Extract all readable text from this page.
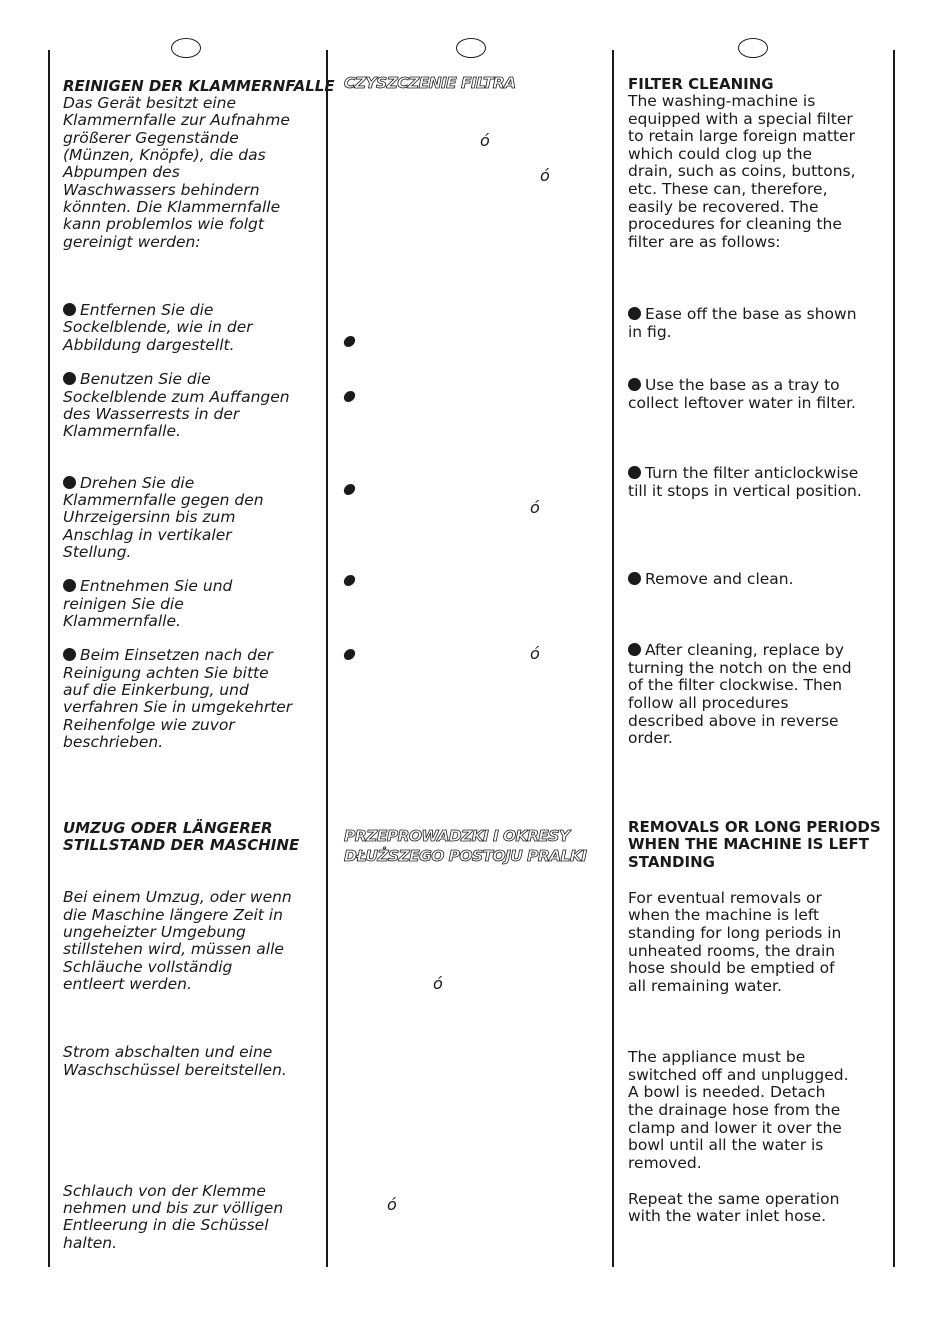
REINIGEN DER KLAMMERNFALLE
Das Gerät besitzt eine
Klammernfalle zur Aufnahme
größerer Gegenstände
(Münzen, Knöpfe), die das
Abpumpen des
Waschwassers behindern
könnten. Die Klammernfalle
kann problemlos wie folgt
gereinigt werden:
Entfernen Sie die
Sockelblende, wie in der
Abbildung dargestellt.
Benutzen Sie die
Sockelblende zum Auffangen
des Wasserrests in der
Klammernfalle.
Drehen Sie die
Klammernfalle gegen den
Uhrzeigersinn bis zum
Anschlag in vertikaler
Stellung.
Entnehmen Sie und
reinigen Sie die
Klammernfalle.
Beim Einsetzen nach der
Reinigung achten Sie bitte
auf die Einkerbung, und
verfahren Sie in umgekehrter
Reihenfolge wie zuvor
beschrieben.
UMZUG ODER LÄNGERER
STILLSTAND DER MASCHINE
Bei einem Umzug, oder wenn
die Maschine längere Zeit in
ungeheizter Umgebung
stillstehen wird, müssen alle
Schläuche vollständig
entleert werden.
Strom abschalten und eine
Waschschüssel bereitstellen.
Schlauch von der Klemme
nehmen und bis zur völligen
Entleerung in die Schüssel
halten.
CZYSZCZENIE FILTRA
ó
ó
ó
ó
PRZEPROWADZKI I OKRESY
DŁUŻSZEGO POSTOJU PRALKI
ó
ó
FILTER CLEANING
The washing-machine is
equipped with a special filter
to retain large foreign matter
which could clog up the
drain, such as coins, buttons,
etc. These can, therefore,
easily be recovered. The
procedures for cleaning the
filter are as follows:
Ease off the base as shown
in fig.
Use the base as a tray to
collect leftover water in filter.
Turn the filter anticlockwise
till it stops in vertical position.
Remove and clean.
After cleaning, replace by
turning the notch on the end
of the filter clockwise. Then
follow all procedures
described above in reverse
order.
REMOVALS OR LONG PERIODS
WHEN THE MACHINE IS LEFT
STANDING
For eventual removals or
when the machine is left
standing for long periods in
unheated rooms, the drain
hose should be emptied of
all remaining water.
The appliance must be
switched off and unplugged.
A bowl is needed. Detach
the drainage hose from the
clamp and lower it over the
bowl until all the water is
removed.
Repeat the same operation
with the water inlet hose.
